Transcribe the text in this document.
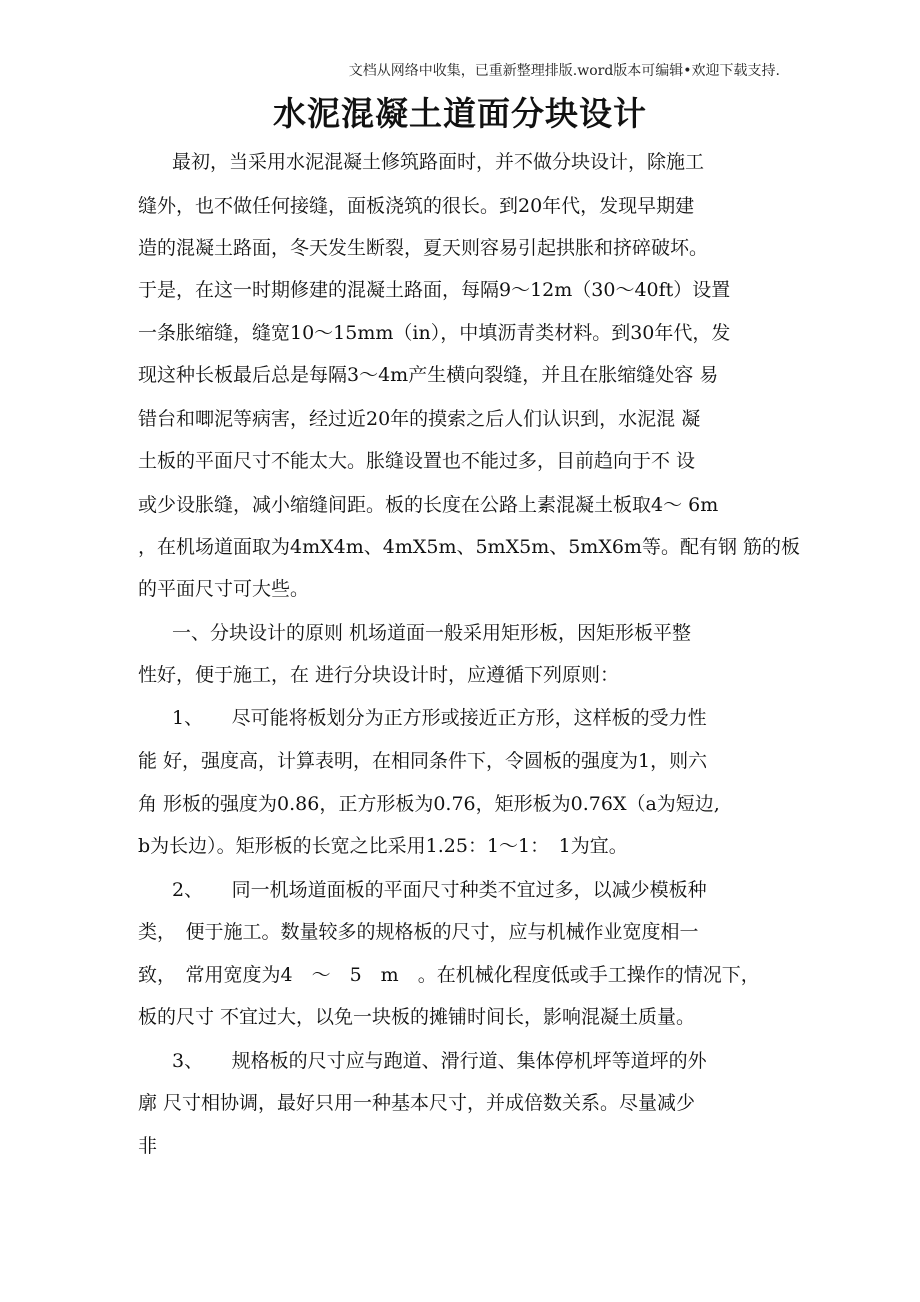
文档从网络中收集，已重新整理排版.word版本可编辑•欢迎下载支持.
水泥混凝土道面分块设计
最初，当采用水泥混凝土修筑路面时，并不做分块设计，除施工
缝外，也不做任何接缝，面板浇筑的很长。到20年代，发现早期建
造的混凝土路面，冬天发生断裂，夏天则容易引起拱胀和挤碎破坏。
于是，在这一时期修建的混凝土路面，每隔9～12m（30～40ft）设置
一条胀缩缝，缝宽10～15mm（in），中填沥青类材料。到30年代，发
现这种长板最后总是每隔3～4m产生横向裂缝，并且在胀缩缝处容 易
错台和唧泥等病害，经过近20年的摸索之后人们认识到，水泥混 凝
土板的平面尺寸不能太大。胀缝设置也不能过多，目前趋向于不 设
或少设胀缝，减小缩缝间距。板的长度在公路上素混凝土板取4～ 6m
，在机场道面取为4mX4m、4mX5m、5mX5m、5mX6m等。配有钢 筋的板
的平面尺寸可大些。
一、分块设计的原则 机场道面一般采用矩形板，因矩形板平整
性好，便于施工，在 进行分块设计时，应遵循下列原则：
1、　　尽可能将板划分为正方形或接近正方形，这样板的受力性
能 好，强度高，计算表明，在相同条件下，令圆板的强度为1，则六
角 形板的强度为0.86，正方形板为0.76，矩形板为0.76X（a为短边,
b为长边）。矩形板的长宽之比采用1.25：1～1：　1为宜。
2、　　同一机场道面板的平面尺寸种类不宜过多，以减少模板种
类，　便于施工。数量较多的规格板的尺寸，应与机械作业宽度相一
致，　常用宽度为4　～　5　m　。在机械化程度低或手工操作的情况下，
板的尺寸 不宜过大，以免一块板的摊铺时间长，影响混凝土质量。
3、　　规格板的尺寸应与跑道、滑行道、集体停机坪等道坪的外
廓 尺寸相协调，最好只用一种基本尺寸，并成倍数关系。尽量减少
非
